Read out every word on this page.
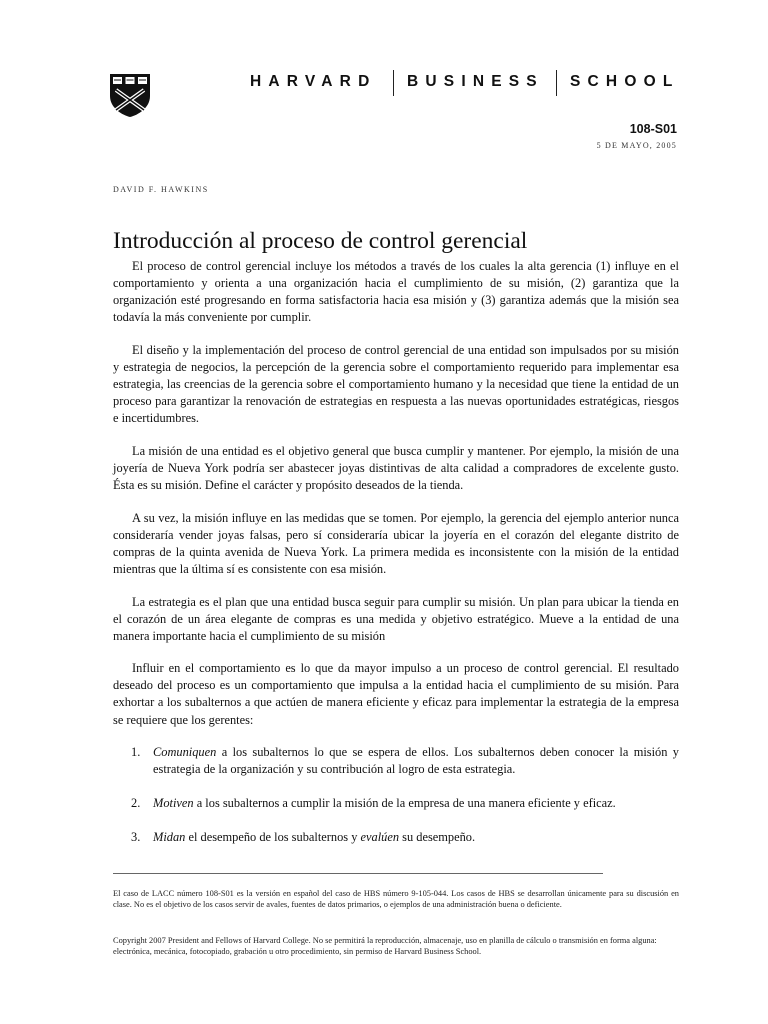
HARVARD BUSINESS SCHOOL
108-S01
5 DE MAYO, 2005
DAVID F. HAWKINS
Introducción al proceso de control gerencial

El proceso de control gerencial incluye los métodos a través de los cuales la alta gerencia (1) influye en el comportamiento y orienta a una organización hacia el cumplimiento de su misión, (2) garantiza que la organización esté progresando en forma satisfactoria hacia esa misión y (3) garantiza además que la misión sea todavía la más conveniente por cumplir.

El diseño y la implementación del proceso de control gerencial de una entidad son impulsados por su misión y estrategia de negocios, la percepción de la gerencia sobre el comportamiento requerido para implementar esa estrategia, las creencias de la gerencia sobre el comportamiento humano y la necesidad que tiene la entidad de un proceso para garantizar la renovación de estrategias en respuesta a las nuevas oportunidades estratégicas, riesgos e incertidumbres.

La misión de una entidad es el objetivo general que busca cumplir y mantener. Por ejemplo, la misión de una joyería de Nueva York podría ser abastecer joyas distintivas de alta calidad a compradores de excelente gusto. Ésta es su misión. Define el carácter y propósito deseados de la tienda.

A su vez, la misión influye en las medidas que se tomen. Por ejemplo, la gerencia del ejemplo anterior nunca consideraría vender joyas falsas, pero sí consideraría ubicar la joyería en el corazón del elegante distrito de compras de la quinta avenida de Nueva York. La primera medida es inconsistente con la misión de la entidad mientras que la última sí es consistente con esa misión.

La estrategia es el plan que una entidad busca seguir para cumplir su misión. Un plan para ubicar la tienda en el corazón de un área elegante de compras es una medida y objetivo estratégico. Mueve a la entidad de una manera importante hacia el cumplimiento de su misión

Influir en el comportamiento es lo que da mayor impulso a un proceso de control gerencial. El resultado deseado del proceso es un comportamiento que impulsa a la entidad hacia el cumplimiento de su misión. Para exhortar a los subalternos a que actúen de manera eficiente y eficaz para implementar la estrategia de la empresa se requiere que los gerentes:

1. Comuniquen a los subalternos lo que se espera de ellos. Los subalternos deben conocer la misión y estrategia de la organización y su contribución al logro de esta estrategia.
2. Motiven a los subalternos a cumplir la misión de la empresa de una manera eficiente y eficaz.
3. Midan el desempeño de los subalternos y evalúen su desempeño.
El caso de LACC número 108-S01 es la versión en español del caso de HBS número 9-105-044. Los casos de HBS se desarrollan únicamente para su discusión en clase. No es el objetivo de los casos servir de avales, fuentes de datos primarios, o ejemplos de una administración buena o deficiente.
Copyright 2007 President and Fellows of Harvard College. No se permitirá la reproducción, almacenaje, uso en planilla de cálculo o transmisión en forma alguna: electrónica, mecánica, fotocopiado, grabación u otro procedimiento, sin permiso de Harvard Business School.
